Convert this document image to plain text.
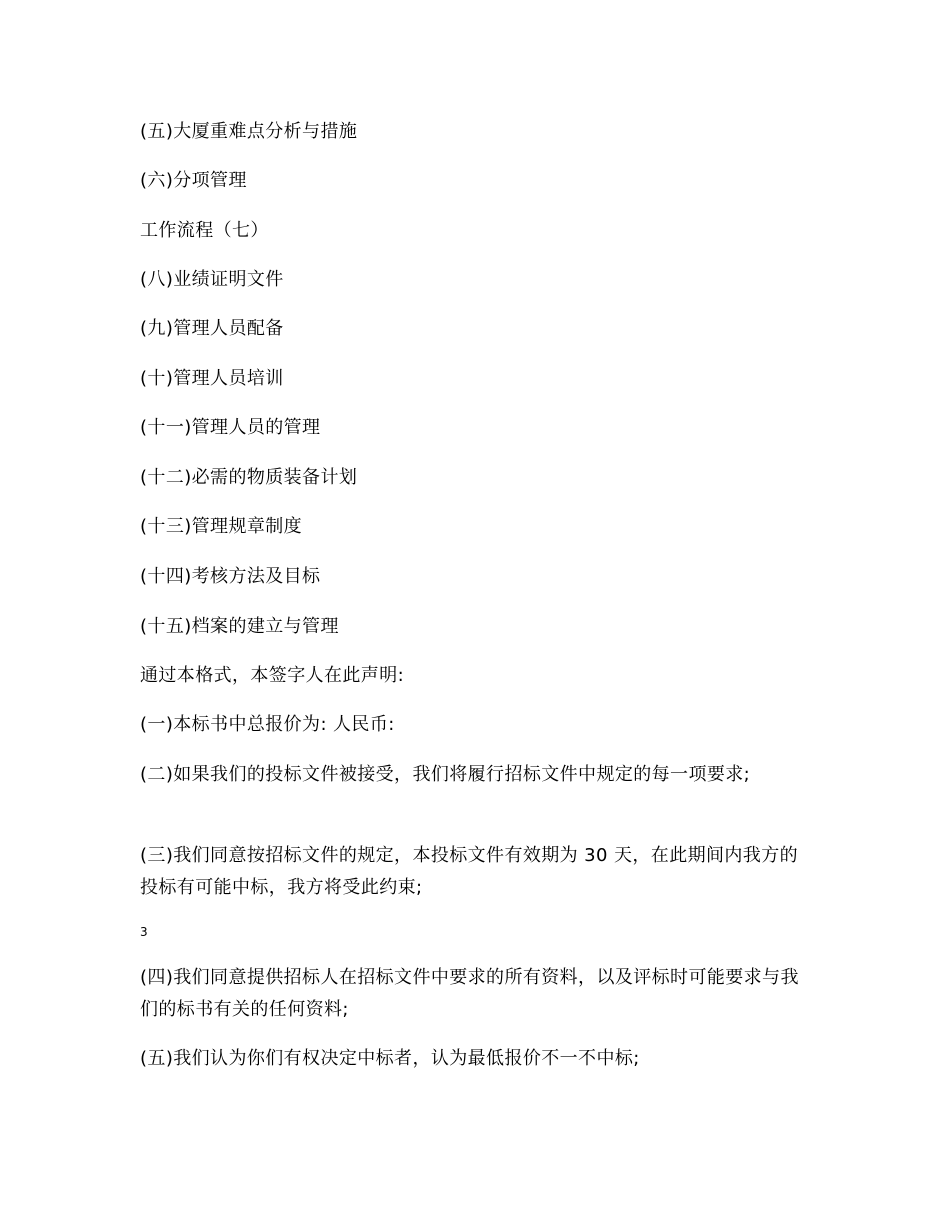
(五)大厦重难点分析与措施
(六)分项管理
工作流程（七）
(八)业绩证明文件
(九)管理人员配备
(十)管理人员培训
(十一)管理人员的管理
(十二)必需的物质装备计划
(十三)管理规章制度
(十四)考核方法及目标
(十五)档案的建立与管理
通过本格式，本签字人在此声明:
(一)本标书中总报价为: 人民币:
(二)如果我们的投标文件被接受，我们将履行招标文件中规定的每一项要求;
(三)我们同意按招标文件的规定，本投标文件有效期为 30 天，在此期间内我方的投标有可能中标，我方将受此约束;
3
(四)我们同意提供招标人在招标文件中要求的所有资料，以及评标时可能要求与我们的标书有关的任何资料;
(五)我们认为你们有权决定中标者，认为最低报价不一不中标;
